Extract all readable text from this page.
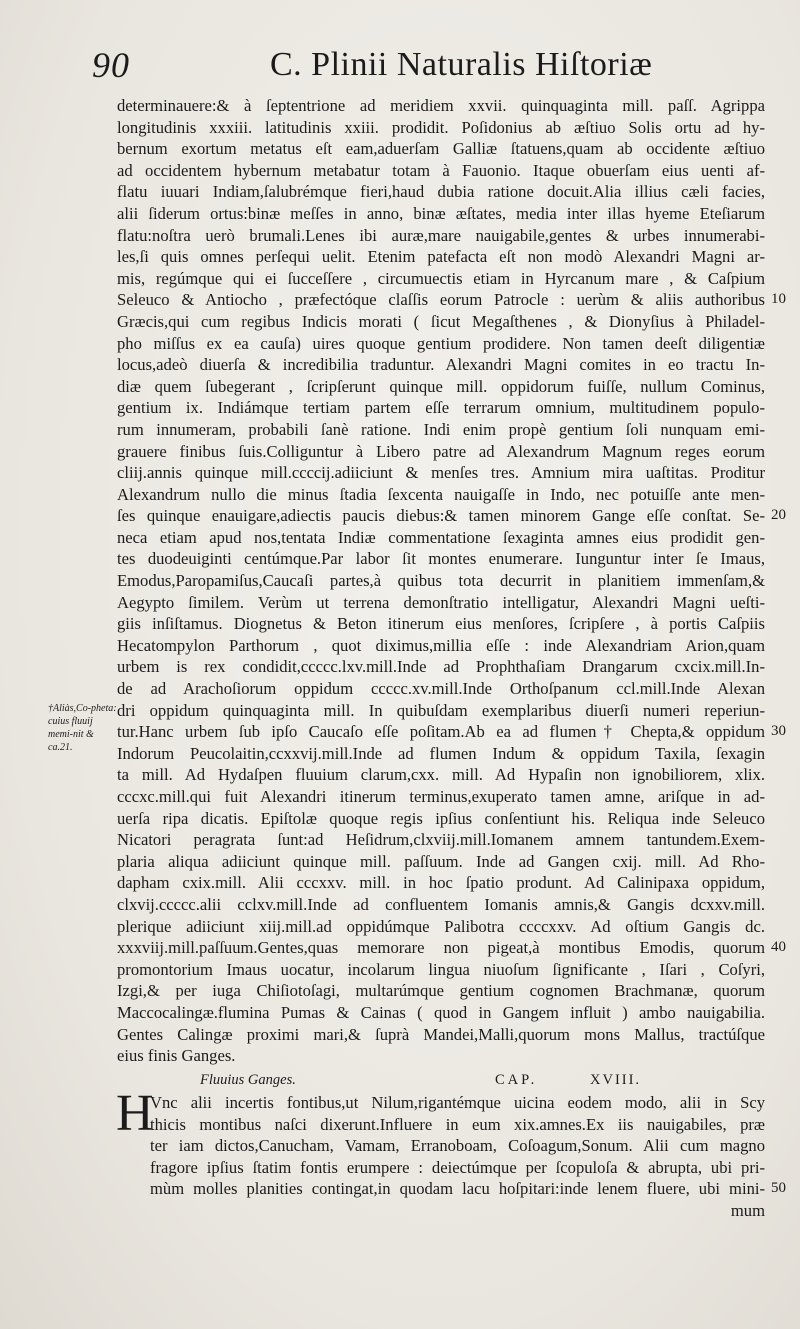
90	C. Plinii Naturalis Hiſtoriæ
determinauere:& à ſeptentrione ad meridiem xxvii. quinquaginta mill. paſſ. Agrippa
longitudinis xxxiii. latitudinis xxiii. prodidit. Poſidonius ab æſtiuo Solis ortu ad hy-
bernum exortum metatus eſt eam,aduerſam Galliæ ſtatuens,quam ab occidente æſtiuo
ad occidentem hybernum metabatur totam à Fauonio. Itaque obuerſam eius uenti af-
flatu iuuari Indiam,ſalubrémque fieri,haud dubia ratione docuit.Alia illius cæli facies,
alii ſiderum ortus:binæ meſſes in anno, binæ æſtates, media inter illas hyeme Eteſiarum
flatu:noſtra uerò brumali.Lenes ibi auræ,mare nauigabile,gentes & urbes innumerabi-
les,ſi quis omnes perſequi uelit. Etenim patefacta eſt non modò Alexandri Magni ar-
mis, regúmque qui ei ſucceſſere , circumuectis etiam in Hyrcanum mare , & Caſpium
Seleuco & Antiocho , præfectóque claſſis eorum Patrocle : uerùm & aliis authoribus
Græcis,qui cum regibus Indicis morati ( ſicut Megaſthenes , & Dionyſius à Philadel-
pho miſſus ex ea cauſa) uires quoque gentium prodidere. Non tamen deeſt diligentiæ
locus,adeò diuerſa & incredibilia traduntur. Alexandri Magni comites in eo tractu In-
diæ quem ſubegerant , ſcripſerunt quinque mill. oppidorum fuiſſe, nullum Cominus,
gentium ix. Indiámque tertiam partem eſſe terrarum omnium, multitudinem populo-
rum innumeram, probabili ſanè ratione. Indi enim propè gentium ſoli nunquam emi-
grauere finibus ſuis.Colliguntur à Libero patre ad Alexandrum Magnum reges eorum
cliij.annis quinque mill.ccccij.adiiciunt & menſes tres. Amnium mira uaſtitas. Proditur
Alexandrum nullo die minus ſtadia ſexcenta nauigaſſe in Indo, nec potuiſſe ante men-
ſes quinque enauigare,adiectis paucis diebus:& tamen minorem Gange eſſe conſtat. Se-
neca etiam apud nos,tentata Indiæ commentatione ſexaginta amnes eius prodidit gen-
tes duodeuiginti centúmque.Par labor ſit montes enumerare. Iunguntur inter ſe Imaus,
Emodus,Paropamiſus,Caucaſi partes,à quibus tota decurrit in planitiem immenſam,&
Aegypto ſimilem. Verùm ut terrena demonſtratio intelligatur, Alexandri Magni ueſti-
giis inſiſtamus. Diognetus & Beton itinerum eius menſores, ſcripſere , à portis Caſpiis
Hecatompylon Parthorum , quot diximus,millia eſſe : inde Alexandriam Arion,quam
urbem is rex condidit,ccccc.lxv.mill.Inde ad Prophthaſiam Drangarum cxcix.mill.In-
de ad Arachoſiorum oppidum ccccc.xv.mill.Inde Orthoſpanum ccl.mill.Inde Alexan
dri oppidum quinquaginta mill. In quibuſdam exemplaribus diuerſi numeri reperiun-
tur.Hanc urbem ſub ipſo Caucaſo eſſe poſitam.Ab ea ad flumen† Chepta,& oppidum
Indorum Peucolaitin,ccxxvij.mill.Inde ad flumen Indum & oppidum Taxila, ſexagin
ta mill. Ad Hydaſpen fluuium clarum,cxx. mill. Ad Hypaſin non ignobiliorem, xlix.
cccxc.mill.qui fuit Alexandri itinerum terminus,exuperato tamen amne, ariſque in ad-
uerſa ripa dicatis. Epiſtolæ quoque regis ipſius conſentiunt his. Reliqua inde Seleuco
Nicatori peragrata ſunt:ad Heſidrum,clxviij.mill.Iomanem amnem tantundem.Exem-
plaria aliqua adiiciunt quinque mill. paſſuum. Inde ad Gangen cxij. mill. Ad Rho-
dapham cxix.mill. Alii cccxxv. mill. in hoc ſpatio produnt. Ad Calinipaxa oppidum,
clxvij.ccccc.alii cclxv.mill.Inde ad confluentem Iomanis amnis,& Gangis dcxxv.mill.
plerique adiiciunt xiij.mill.ad oppidúmque Palibotra ccccxxv. Ad oſtium Gangis dc.
xxxviij.mill.paſſuum.Gentes,quas memorare non pigeat,à montibus Emodis, quorum
promontorium Imaus uocatur, incolarum lingua niuoſum ſignificante , Iſari , Coſyri,
Izgi,& per iuga Chiſiotoſagi, multarúmque gentium cognomen Brachmanæ, quorum
Maccocalingæ.flumina Pumas & Cainas ( quod in Gangem influit ) ambo nauigabilia.
Gentes Calingæ proximi mari,& ſuprà Mandei,Malli,quorum mons Mallus, tractúſque
eius finis Ganges.
†Aliàs,Co-pheta: cuius fluuij memi-nit & ca.21.
Fluuius Ganges.	CAP.	XVIII.
H
Vnc alii incertis fontibus,ut Nilum,rigantémque uicina eodem modo, alii in Scy
thicis montibus naſci dixerunt.Influere in eum xix.amnes.Ex iis nauigabiles, præ
ter iam dictos,Canucham, Vamam, Erranoboam, Coſoagum,Sonum. Alii cum magno
fragore ipſius ſtatim fontis erumpere : deiectúmque per ſcopuloſa & abrupta, ubi pri-
mùm molles planities contingat,in quodam lacu hoſpitari:inde lenem fluere, ubi mini-
mum
10
20
30
40
50
